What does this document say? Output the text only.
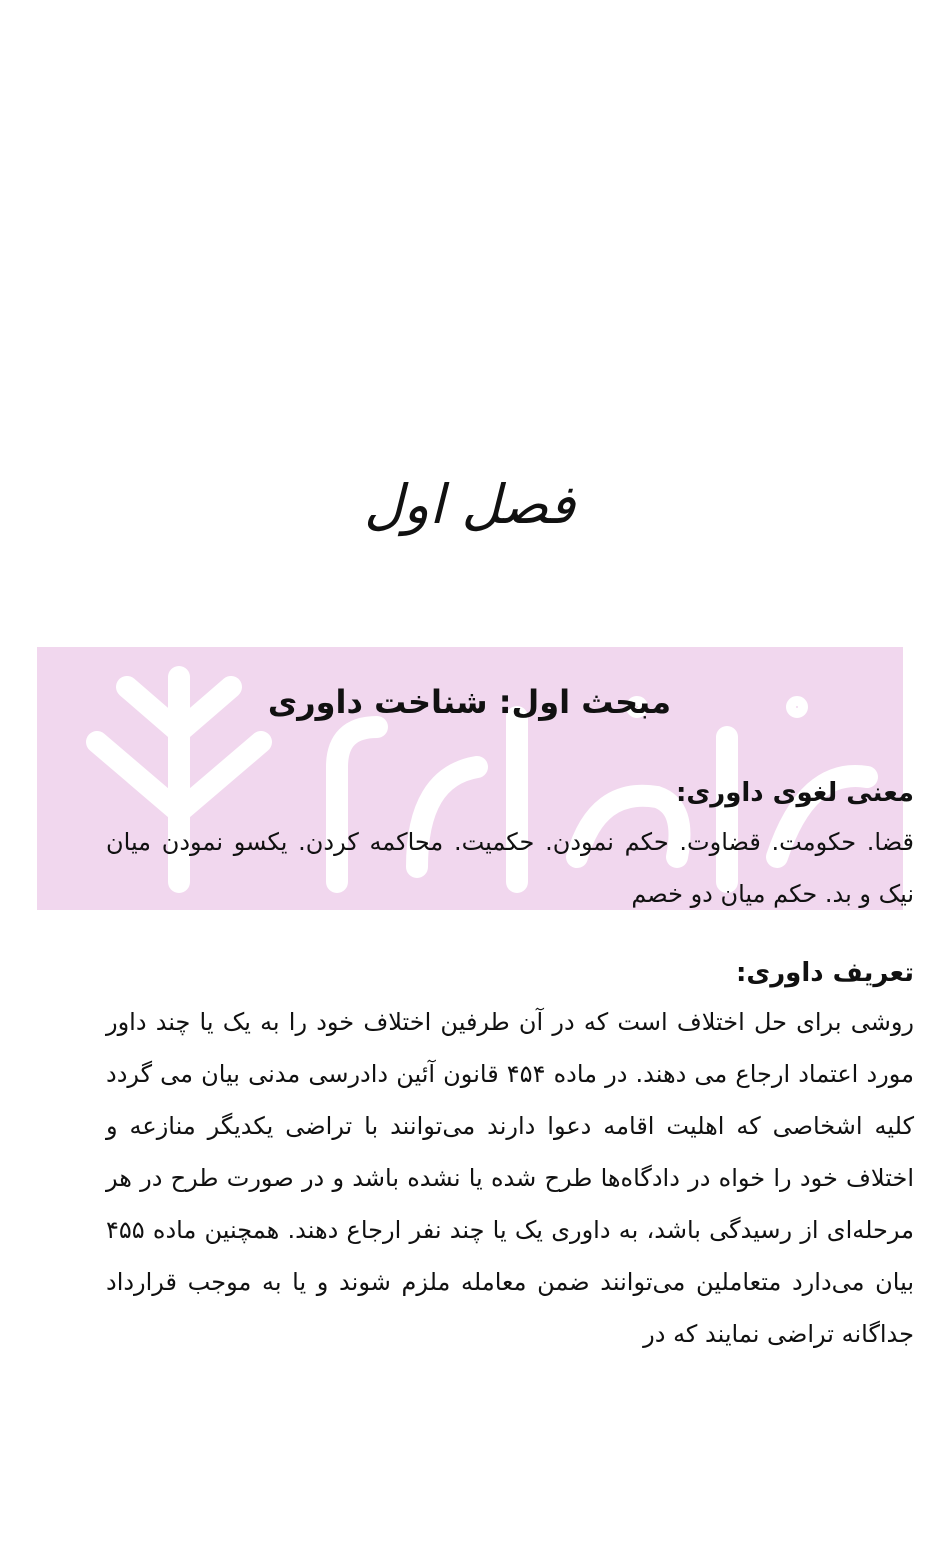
فصل اول
مبحث اول: شناخت داوری

معنی لغوی داوری:

قضا. حکومت. قضاوت. حکم نمودن. حکمیت. محاکمه کردن. یکسو نمودن میان نیک و بد. حکم میان دو خصم

تعریف داوری:

روشی برای حل اختلاف است که در آن طرفین اختلاف خود را به یک یا چند داور مورد اعتماد ارجاع می دهند. در ماده ۴۵۴ قانون آئین دادرسی مدنی بیان می گردد کلیه اشخاصی که اهلیت اقامه دعوا دارند می‌توانند با تراضی یکدیگر منازعه و اختلاف خود را خواه در دادگاه‌ها طرح شده یا نشده باشد و در صورت طرح در هر مرحله‌ای از رسیدگی باشد، به داوری یک یا چند نفر ارجاع دهند. همچنین ماده ۴۵۵ بیان می‌دارد متعاملین می‌توانند ضمن معامله ملزم شوند و یا به موجب قرارداد جداگانه تراضی نمایند که در
